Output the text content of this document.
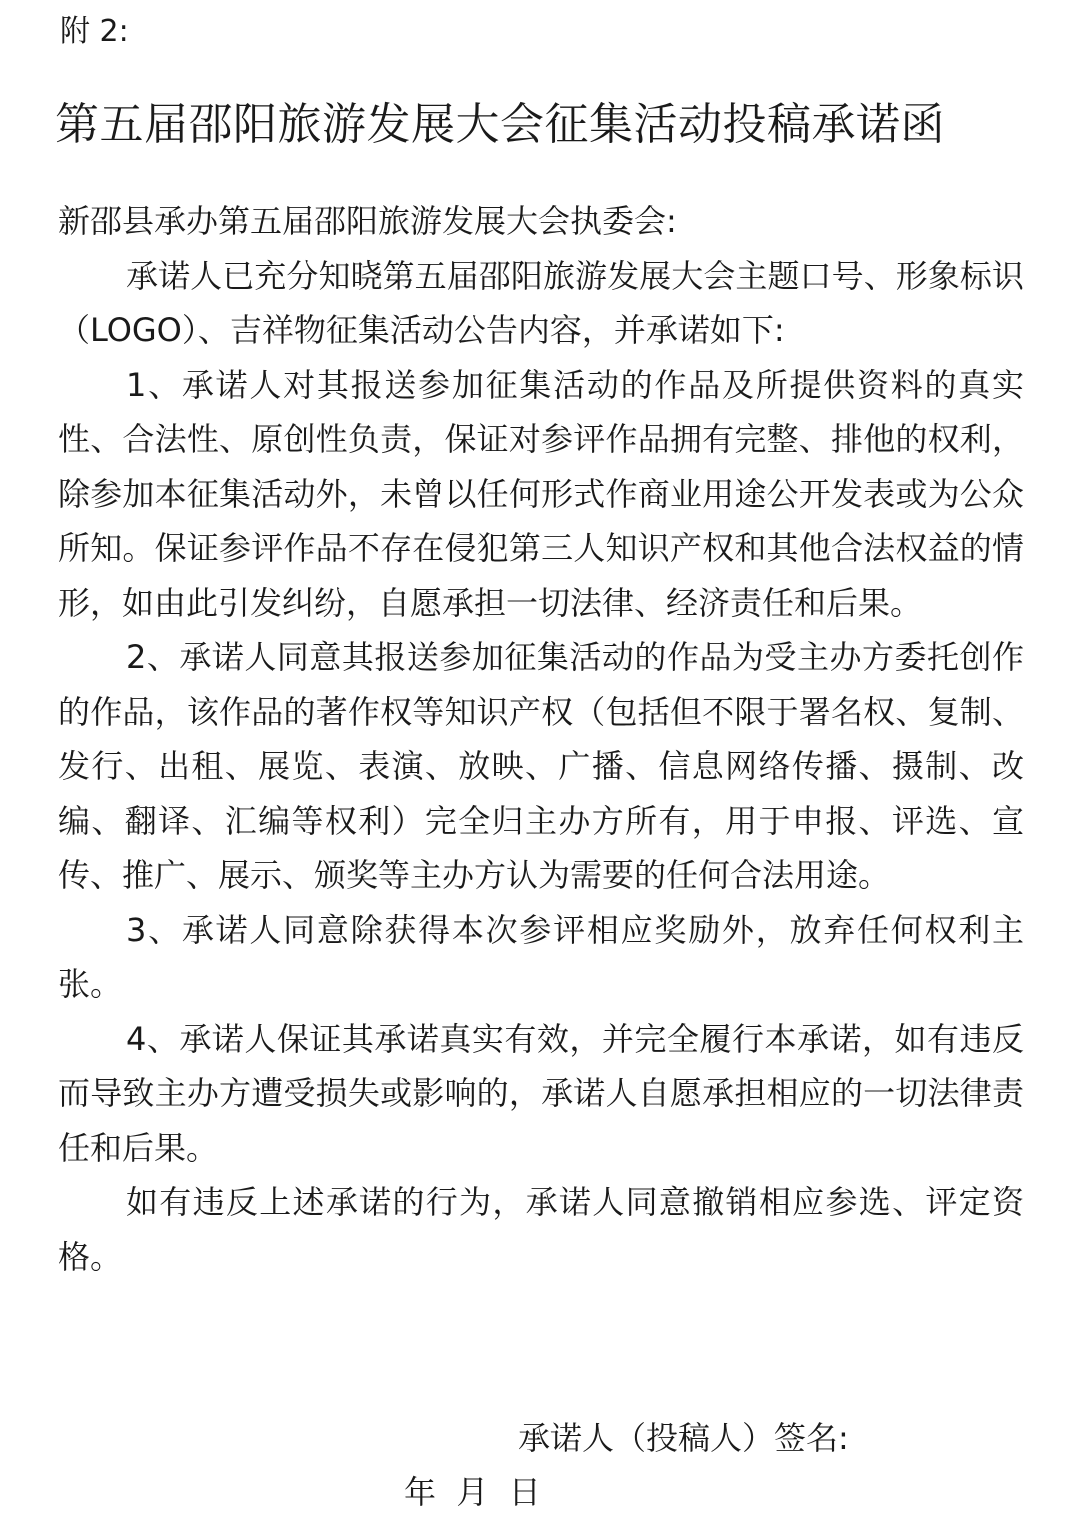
附 2:
第五届邵阳旅游发展大会征集活动投稿承诺函

新邵县承办第五届邵阳旅游发展大会执委会:

承诺人已充分知晓第五届邵阳旅游发展大会主题口号、形象标识（LOGO）、吉祥物征集活动公告内容，并承诺如下:

1、承诺人对其报送参加征集活动的作品及所提供资料的真实性、合法性、原创性负责，保证对参评作品拥有完整、排他的权利，除参加本征集活动外，未曾以任何形式作商业用途公开发表或为公众所知。保证参评作品不存在侵犯第三人知识产权和其他合法权益的情形，如由此引发纠纷，自愿承担一切法律、经济责任和后果。

2、承诺人同意其报送参加征集活动的作品为受主办方委托创作的作品，该作品的著作权等知识产权（包括但不限于署名权、复制、发行、出租、展览、表演、放映、广播、信息网络传播、摄制、改编、翻译、汇编等权利）完全归主办方所有，用于申报、评选、宣传、推广、展示、颁奖等主办方认为需要的任何合法用途。

3、承诺人同意除获得本次参评相应奖励外，放弃任何权利主张。

4、承诺人保证其承诺真实有效，并完全履行本承诺，如有违反而导致主办方遭受损失或影响的，承诺人自愿承担相应的一切法律责任和后果。

如有违反上述承诺的行为，承诺人同意撤销相应参选、评定资格。

承诺人（投稿人）签名:
年  月  日
